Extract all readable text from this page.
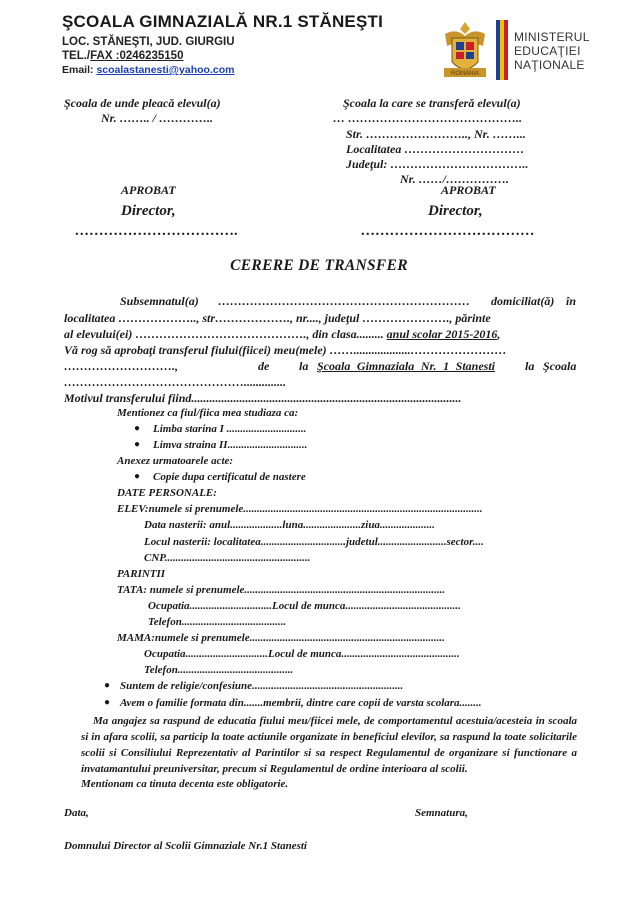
ŞCOALA GIMNAZIALĂ NR.1 STĂNEŞTI
LOC. STĂNEŞTI, JUD. GIURGIU
TEL./FAX :0246235150
Email: scoalastanesti@yahoo.com	ROMANIA
MINISTERUL
EDUCAŢIEI
NAŢIONALE
Şcoala de unde pleacă elevul(a)
Nr. …….. / …………..
Şcoala la care se transferă elevul(a)
… ……………………………………..
Str. …………………….., Nr. ……...
Localitatea …………………………
Judeţul: ……………………………..
Nr. ……/…………….
APROBAT	APROBAT
Director,	Director,
…………………………….	………………………………
CERERE DE TRANSFER
Subsemnatul(a) ……………………………………………………… domiciliat(ă) în
localitatea ……………….., str………………., nr...., judeţul …………………., părinte
al elevului(ei) ……………………………………., din clasa......... anul scolar 2015-2016,
Vă rog să aprobaţi transferul fiului(fiicei) meu(mele) ……...................……………………
……………………….,	de la Şcoala Gimnaziala Nr. 1 Stanesti	la Şcoala
………………………………………..............
Motivul transferului fiind..........................................................................................
Mentionez ca fiul/fiica mea studiaza ca:
● Limba starina I .............................
● Limva straina II.............................
Anexez urmatoarele acte:
● Copie dupa certificatul de nastere
DATE PERSONALE:
ELEV:numele si prenumele.......................................................................................
Data nasterii: anul...................luna.....................ziua....................
Locul nasterii: localitatea...............................judetul.........................sector....
CNP.....................................................
PARINTII
TATA: numele si prenumele.........................................................................
Ocupatia..............................Locul de munca..........................................
Telefon......................................
MAMA:numele si prenumele.......................................................................
Ocupatia..............................Locul de munca...........................................
Telefon..........................................
● Suntem de religie/confesiune.......................................................
● Avem o familie formata din.......membrii, dintre care copii de varsta scolara........
Ma angajez sa raspund de educatia fiului meu/fiicei mele, de comportamentul acestuia/acesteia in scoala si in afara scolii, sa particip la toate actiunile organizate in beneficiul elevilor, sa raspund la toate solicitarile scolii si Consiliului Reprezentativ al Parintilor si sa respect Regulamentul de organizare si functionare a invatamantului preuniversitar, precum si Regulamentul de ordine interioara al scolii.
Mentionam ca tinuta decenta este obligatorie.
Data,	Semnatura,
Domnului Director al Scolii Gimnaziale Nr.1 Stanesti
